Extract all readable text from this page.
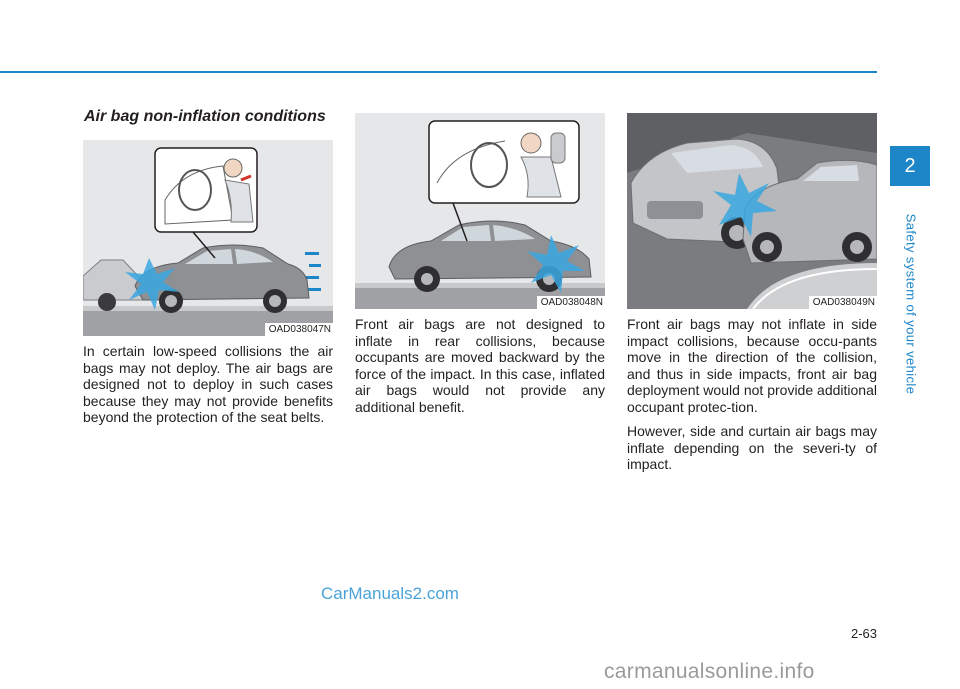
Air bag non-inflation conditions
OAD038047N
OAD038048N	OAD038049N

In certain low-speed collisions the air bags may not deploy. The air bags are designed not to deploy in such cases because they may not provide benefits beyond the protection of the seat belts.

Front air bags are not designed to inflate in rear collisions, because occupants are moved backward by the force of the impact. In this case, inflated air bags would not provide any additional benefit.

Front air bags may not inflate in side impact collisions, because occu-pants move in the direction of the collision, and thus in side impacts, front air bag deployment would not provide additional occupant protec-tion.

However, side and curtain air bags may inflate depending on the severi-ty of impact.

2
Safety system of your vehicle
2-63
CarManuals2.com
carmanualsonline.info
